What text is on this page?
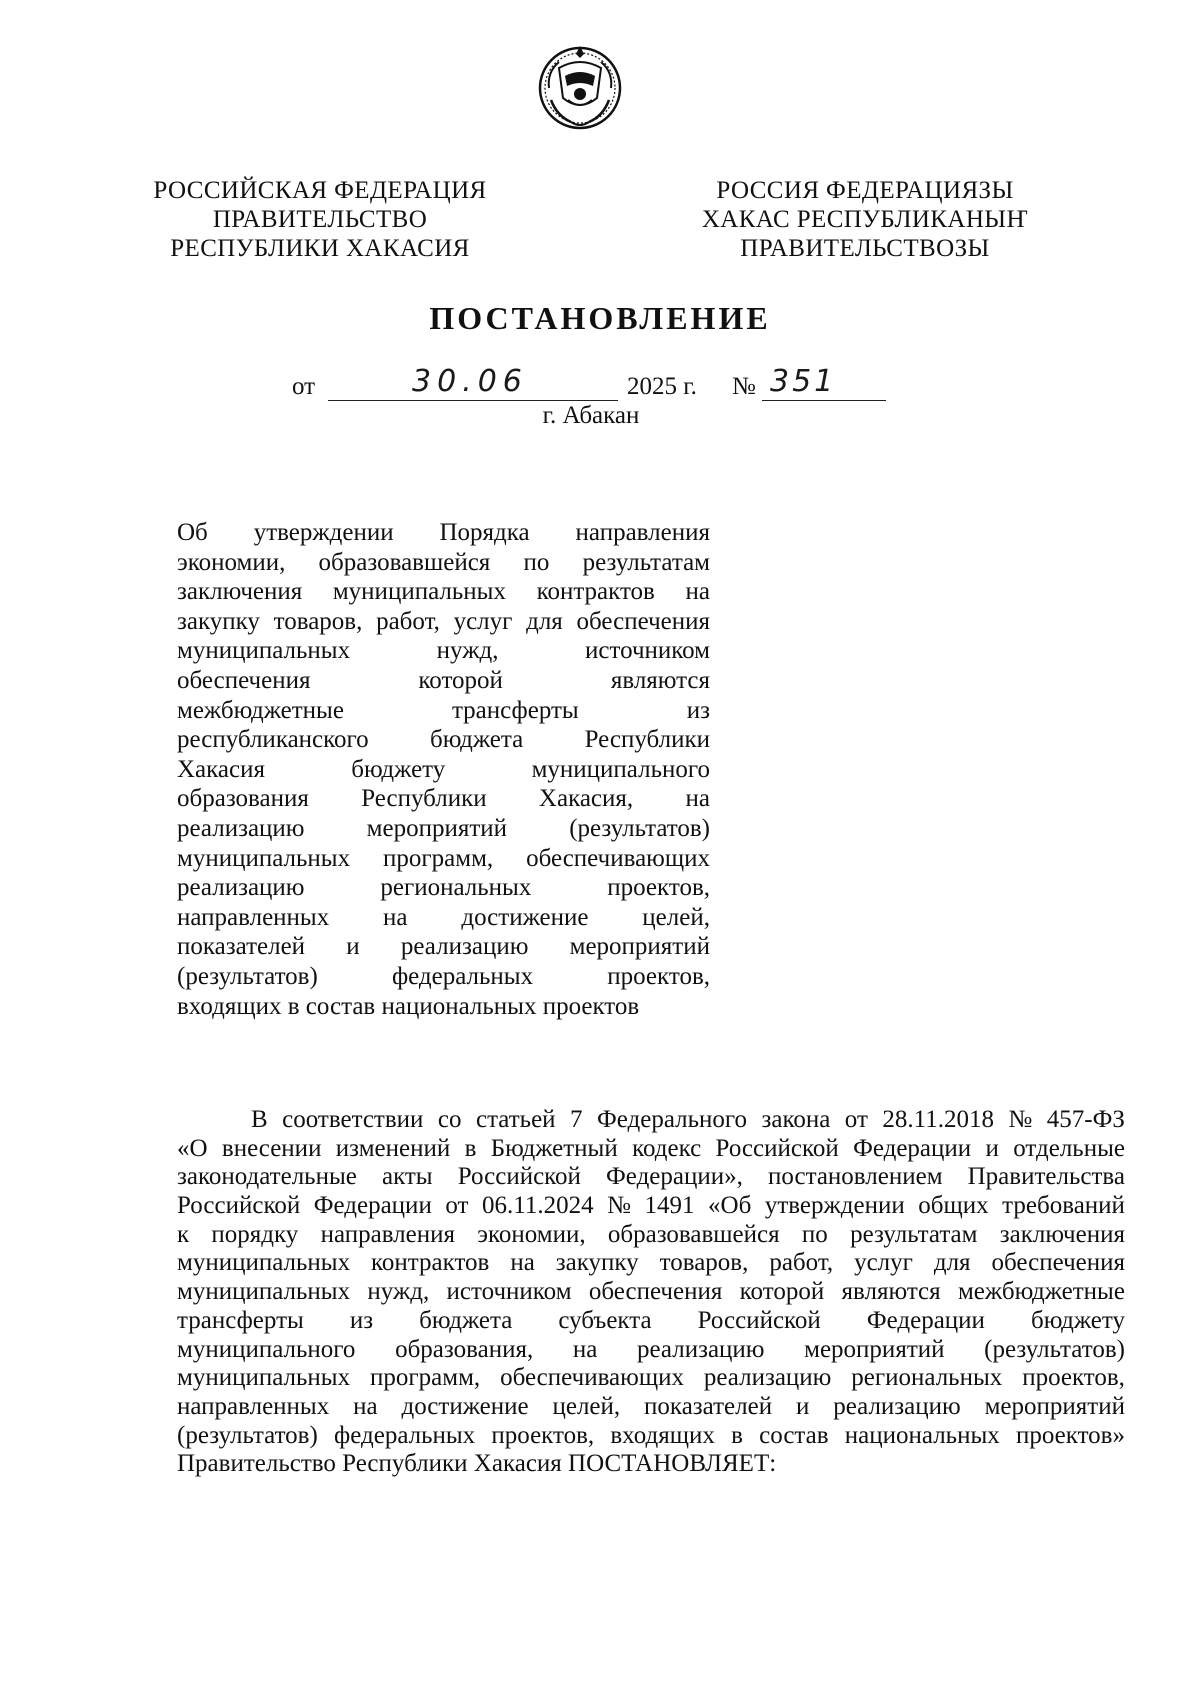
РОССИЙСКАЯ ФЕДЕРАЦИЯ
ПРАВИТЕЛЬСТВО
РЕСПУБЛИКИ ХАКАСИЯ
РОССИЯ ФЕДЕРАЦИЯЗЫ
ХАКАС РЕСПУБЛИКАНЫҤ
ПРАВИТЕЛЬСТВОЗЫ
ПОСТАНОВЛЕНИЕ
от	30.06	2025 г. № 351
г. Абакан
Об утверждении Порядка направления
экономии, образовавшейся по результатам
заключения муниципальных контрактов на
закупку товаров, работ, услуг для обеспечения
муниципальных	нужд,	источником
обеспечения	которой	являются
межбюджетные	трансферты	из
республиканского бюджета Республики
Хакасия	бюджету	муниципального
образования Республики Хакасия, на
реализацию мероприятий (результатов)
муниципальных программ, обеспечивающих
реализацию	региональных	проектов,
направленных на достижение целей,
показателей и реализацию мероприятий
(результатов)	федеральных	проектов,
входящих в состав национальных проектов
В соответствии со статьей 7 Федерального закона от 28.11.2018 № 457-ФЗ
«О внесении изменений в Бюджетный кодекс Российской Федерации и отдельные
законодательные акты Российской Федерации», постановлением Правительства
Российской Федерации от 06.11.2024 № 1491 «Об утверждении общих требований
к порядку направления экономии, образовавшейся по результатам заключения
муниципальных контрактов на закупку товаров, работ, услуг для обеспечения
муниципальных нужд, источником обеспечения которой являются межбюджетные
трансферты из бюджета субъекта Российской Федерации бюджету
муниципального образования, на реализацию мероприятий (результатов)
муниципальных программ, обеспечивающих реализацию региональных проектов,
направленных на достижение целей, показателей и реализацию мероприятий
(результатов) федеральных проектов, входящих в состав национальных проектов»
Правительство Республики Хакасия ПОСТАНОВЛЯЕТ:
